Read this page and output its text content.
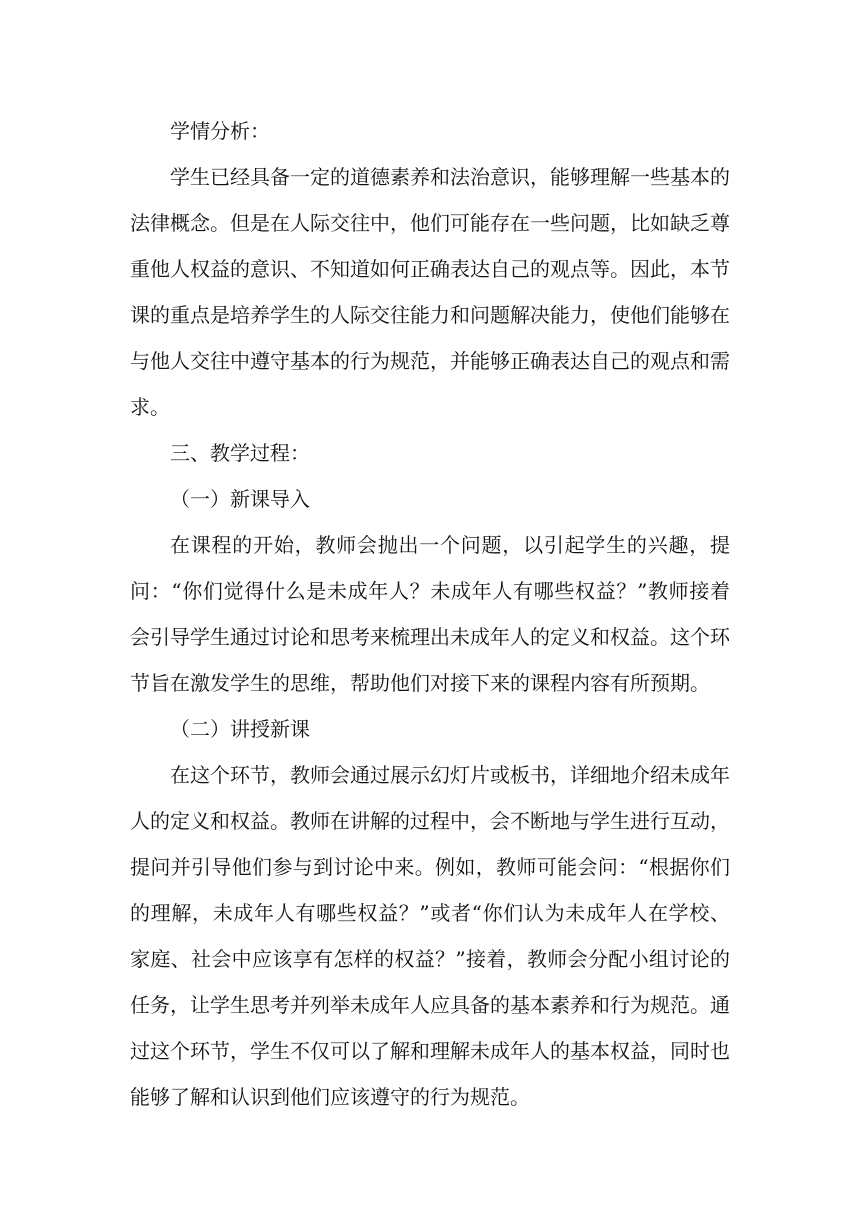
学情分析：

学生已经具备一定的道德素养和法治意识，能够理解一些基本的法律概念。但是在人际交往中，他们可能存在一些问题，比如缺乏尊重他人权益的意识、不知道如何正确表达自己的观点等。因此，本节课的重点是培养学生的人际交往能力和问题解决能力，使他们能够在与他人交往中遵守基本的行为规范，并能够正确表达自己的观点和需求。

三、教学过程：

（一）新课导入

在课程的开始，教师会抛出一个问题，以引起学生的兴趣，提问：“你们觉得什么是未成年人？未成年人有哪些权益？”教师接着会引导学生通过讨论和思考来梳理出未成年人的定义和权益。这个环节旨在激发学生的思维，帮助他们对接下来的课程内容有所预期。

（二）讲授新课

在这个环节，教师会通过展示幻灯片或板书，详细地介绍未成年人的定义和权益。教师在讲解的过程中，会不断地与学生进行互动，提问并引导他们参与到讨论中来。例如，教师可能会问：“根据你们的理解，未成年人有哪些权益？”或者“你们认为未成年人在学校、家庭、社会中应该享有怎样的权益？”接着，教师会分配小组讨论的任务，让学生思考并列举未成年人应具备的基本素养和行为规范。通过这个环节，学生不仅可以了解和理解未成年人的基本权益，同时也能够了解和认识到他们应该遵守的行为规范。
